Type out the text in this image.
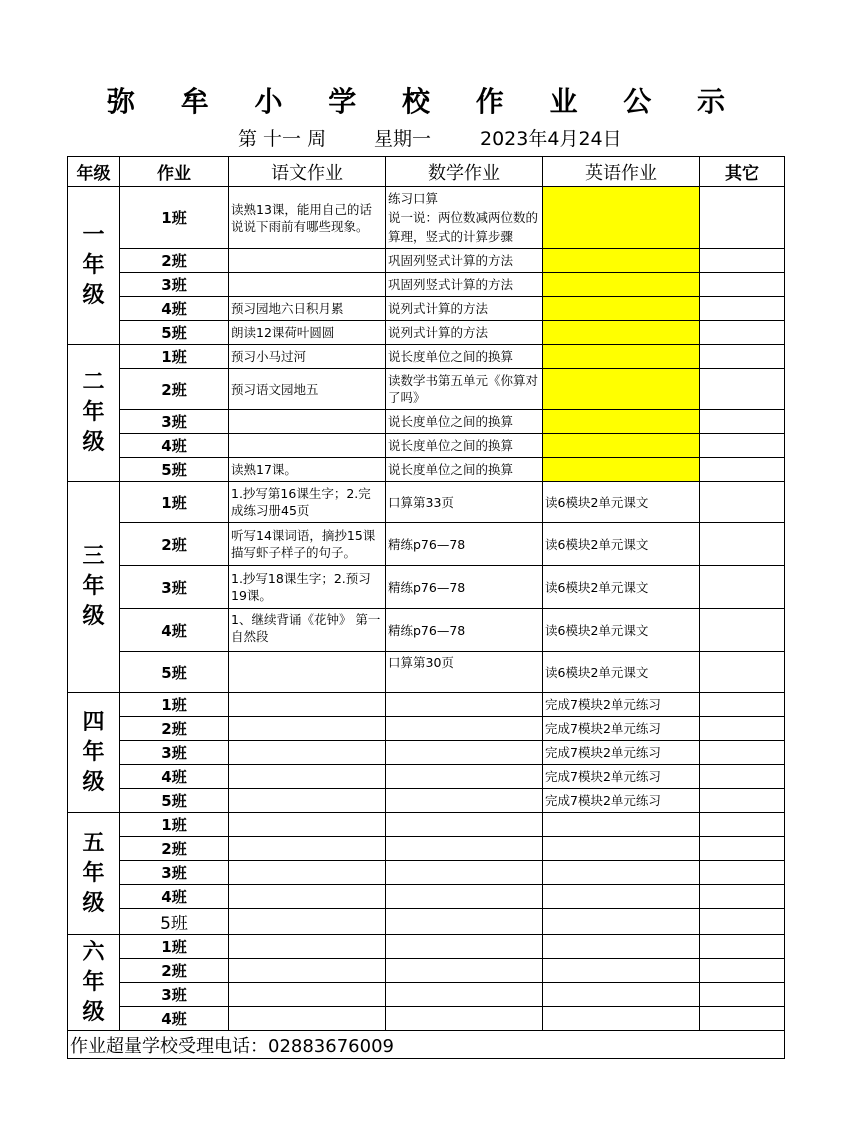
弥 牟 小 学 校 作 业 公 示
第 十一 周	星期一	2023年4月24日
年级	作业	语文作业	数学作业	英语作业	其它
一
年
级	1班	读熟13课，能用自己的话说说下雨前有哪些现象。	练习口算
说一说：两位数减两位数的算理，竖式的计算步骤		
	2班		巩固列竖式计算的方法		
	3班		巩固列竖式计算的方法		
	4班	预习园地六日积月累	说列式计算的方法		
	5班	朗读12课荷叶圆圆	说列式计算的方法		
二
年
级	1班	预习小马过河	说长度单位之间的换算		
	2班	预习语文园地五	读数学书第五单元《你算对了吗》		
	3班		说长度单位之间的换算		
	4班		说长度单位之间的换算		
	5班	读熟17课。	说长度单位之间的换算		
三
年
级	1班	1.抄写第16课生字；2.完成练习册45页	口算第33页	读6模块2单元课文	
	2班	听写14课词语，摘抄15课描写虾子样子的句子。	精练p76—78	读6模块2单元课文	
	3班	1.抄写18课生字；2.预习19课。	精练p76—78	读6模块2单元课文	
	4班	1、继续背诵《花钟》 第一自然段	精练p76—78	读6模块2单元课文	
	5班		口算第30页	读6模块2单元课文	
四
年
级	1班			完成7模块2单元练习	
	2班			完成7模块2单元练习	
	3班			完成7模块2单元练习	
	4班			完成7模块2单元练习	
	5班			完成7模块2单元练习	
五
年
级	1班				
	2班				
	3班				
	4班				
	5班				
六
年
级	1班				
	2班				
	3班				
	4班				
作业超量学校受理电话：02883676009					
